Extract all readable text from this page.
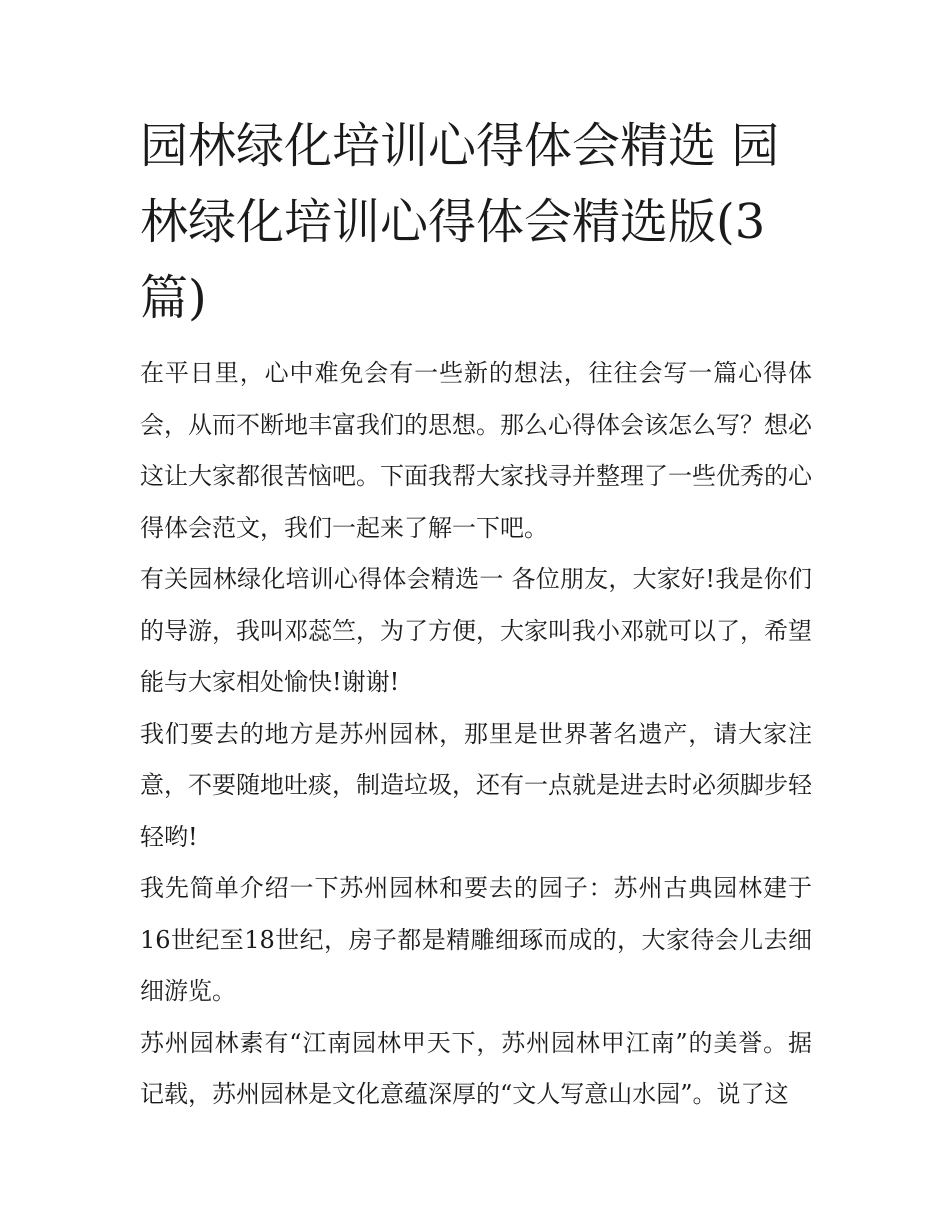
园林绿化培训心得体会精选 园林绿化培训心得体会精选版(3篇)

在平日里，心中难免会有一些新的想法，往往会写一篇心得体会，从而不断地丰富我们的思想。那么心得体会该怎么写？想必这让大家都很苦恼吧。下面我帮大家找寻并整理了一些优秀的心得体会范文，我们一起来了解一下吧。

有关园林绿化培训心得体会精选一 各位朋友，大家好!我是你们的导游，我叫邓蕊竺，为了方便，大家叫我小邓就可以了，希望能与大家相处愉快!谢谢!

我们要去的地方是苏州园林，那里是世界著名遗产，请大家注意，不要随地吐痰，制造垃圾，还有一点就是进去时必须脚步轻轻哟!

我先简单介绍一下苏州园林和要去的园子：苏州古典园林建于16世纪至18世纪，房子都是精雕细琢而成的，大家待会儿去细细游览。

苏州园林素有“江南园林甲天下，苏州园林甲江南”的美誉。据记载，苏州园林是文化意蕴深厚的“文人写意山水园”。说了这
